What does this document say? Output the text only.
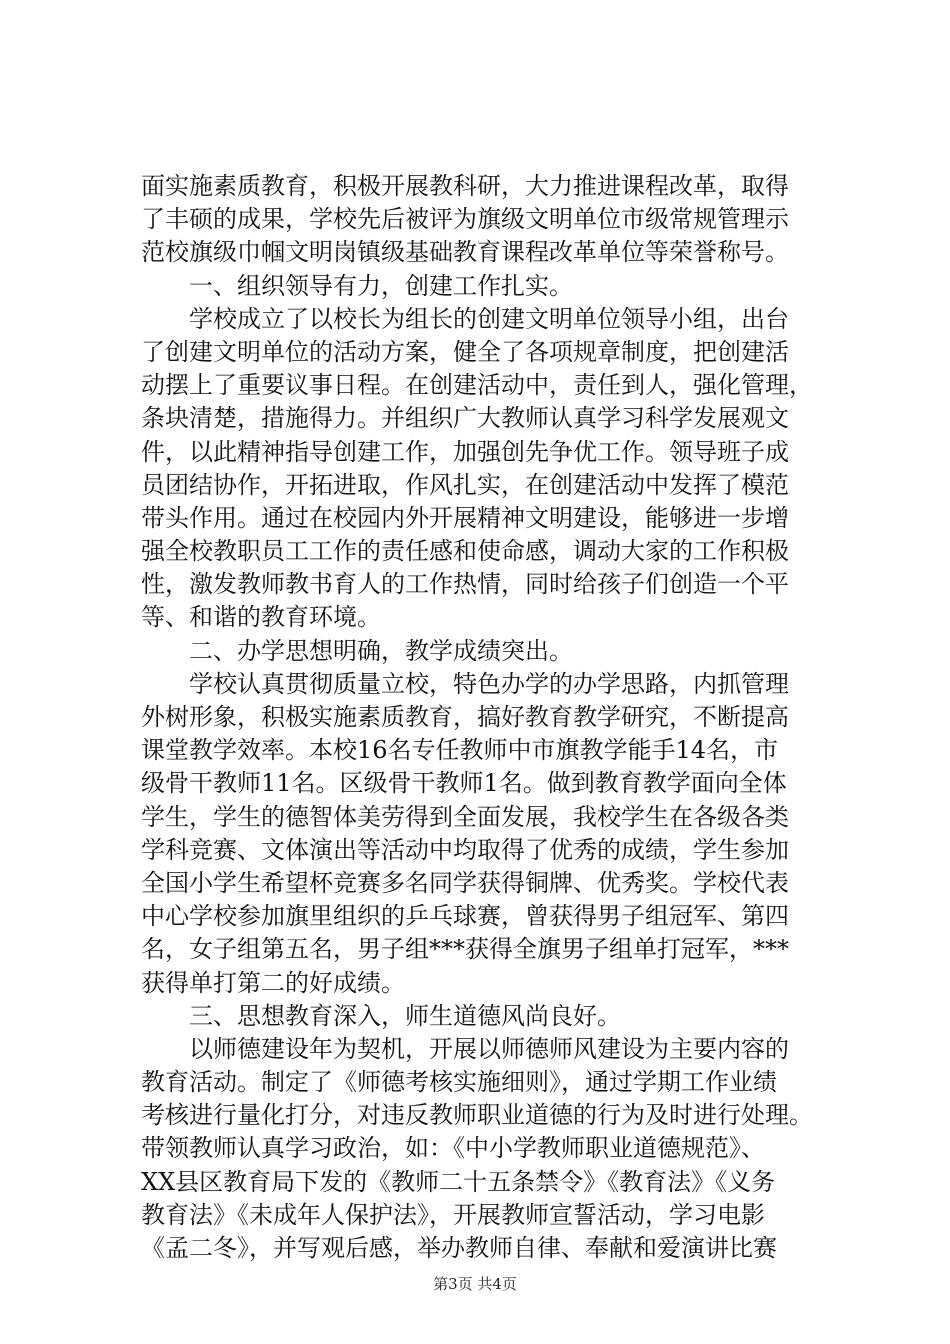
面实施素质教育，积极开展教科研，大力推进课程改革，取得
了丰硕的成果，学校先后被评为旗级文明单位市级常规管理示
范校旗级巾帼文明岗镇级基础教育课程改革单位等荣誉称号。
一、组织领导有力，创建工作扎实。
学校成立了以校长为组长的创建文明单位领导小组，出台
了创建文明单位的活动方案，健全了各项规章制度，把创建活
动摆上了重要议事日程。在创建活动中，责任到人，强化管理，
条块清楚，措施得力。并组织广大教师认真学习科学发展观文
件，以此精神指导创建工作，加强创先争优工作。领导班子成
员团结协作，开拓进取，作风扎实，在创建活动中发挥了模范
带头作用。通过在校园内外开展精神文明建设，能够进一步增
强全校教职员工工作的责任感和使命感，调动大家的工作积极
性，激发教师教书育人的工作热情，同时给孩子们创造一个平
等、和谐的教育环境。
二、办学思想明确，教学成绩突出。
学校认真贯彻质量立校，特色办学的办学思路，内抓管理
外树形象，积极实施素质教育，搞好教育教学研究，不断提高
课堂教学效率。本校16名专任教师中市旗教学能手14名，市
级骨干教师11名。区级骨干教师1名。做到教育教学面向全体
学生，学生的德智体美劳得到全面发展，我校学生在各级各类
学科竞赛、文体演出等活动中均取得了优秀的成绩，学生参加
全国小学生希望杯竞赛多名同学获得铜牌、优秀奖。学校代表
中心学校参加旗里组织的乒乓球赛，曾获得男子组冠军、第四
名，女子组第五名，男子组***获得全旗男子组单打冠军，***
获得单打第二的好成绩。
三、思想教育深入，师生道德风尚良好。
以师德建设年为契机，开展以师德师风建设为主要内容的
教育活动。制定了《师德考核实施细则》，通过学期工作业绩
考核进行量化打分，对违反教师职业道德的行为及时进行处理。
带领教师认真学习政治，如：《中小学教师职业道德规范》、
XX县区教育局下发的《教师二十五条禁令》《教育法》《义务
教育法》《未成年人保护法》，开展教师宣誓活动，学习电影
《孟二冬》，并写观后感，举办教师自律、奉献和爱演讲比赛
第3页 共4页
